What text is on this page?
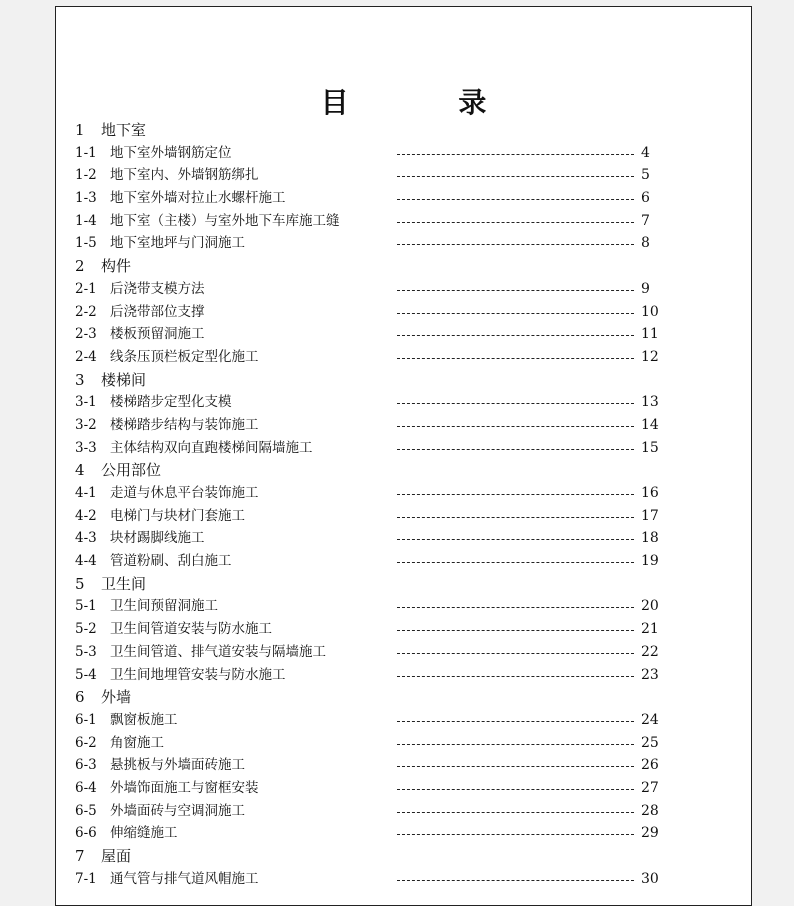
目 录
1 地下室
1-1 地下室外墙钢筋定位	4
1-2 地下室内、外墙钢筋绑扎	5
1-3 地下室外墙对拉止水螺杆施工	6
1-4 地下室（主楼）与室外地下车库施工缝	7
1-5 地下室地坪与门洞施工	8
2 构件
2-1 后浇带支模方法	9
2-2 后浇带部位支撑	10
2-3 楼板预留洞施工	11
2-4 线条压顶栏板定型化施工	12
3 楼梯间
3-1 楼梯踏步定型化支模	13
3-2 楼梯踏步结构与装饰施工	14
3-3 主体结构双向直跑楼梯间隔墙施工	15
4 公用部位
4-1 走道与休息平台装饰施工	16
4-2 电梯门与块材门套施工	17
4-3 块材踢脚线施工	18
4-4 管道粉刷、刮白施工	19
5 卫生间
5-1 卫生间预留洞施工	20
5-2 卫生间管道安装与防水施工	21
5-3 卫生间管道、排气道安装与隔墙施工	22
5-4 卫生间地埋管安装与防水施工	23
6 外墙
6-1 飘窗板施工	24
6-2 角窗施工	25
6-3 悬挑板与外墙面砖施工	26
6-4 外墙饰面施工与窗框安装	27
6-5 外墙面砖与空调洞施工	28
6-6 伸缩缝施工	29
7 屋面
7-1 通气管与排气道风帽施工	30
